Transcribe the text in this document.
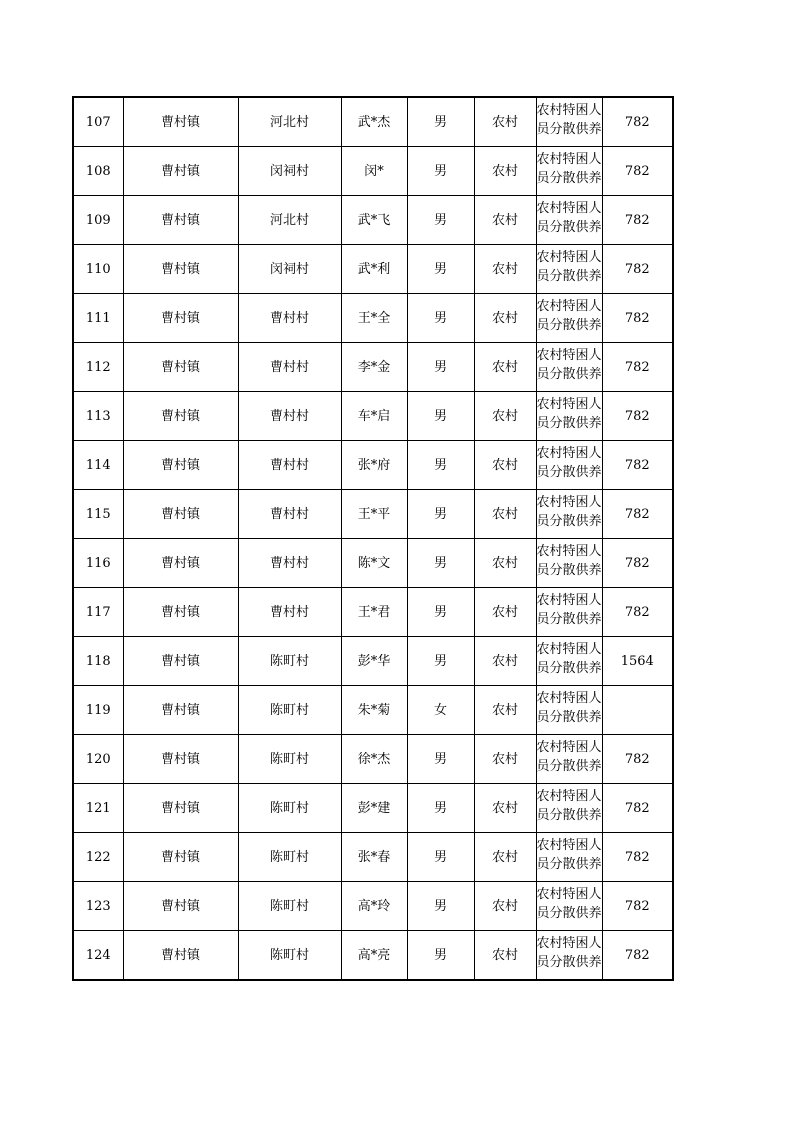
107	曹村镇	河北村	武*杰	男	农村	农村特困人员分散供养	782
108	曹村镇	闵祠村	闵*	男	农村	农村特困人员分散供养	782
109	曹村镇	河北村	武*飞	男	农村	农村特困人员分散供养	782
110	曹村镇	闵祠村	武*利	男	农村	农村特困人员分散供养	782
111	曹村镇	曹村村	王*全	男	农村	农村特困人员分散供养	782
112	曹村镇	曹村村	李*金	男	农村	农村特困人员分散供养	782
113	曹村镇	曹村村	车*启	男	农村	农村特困人员分散供养	782
114	曹村镇	曹村村	张*府	男	农村	农村特困人员分散供养	782
115	曹村镇	曹村村	王*平	男	农村	农村特困人员分散供养	782
116	曹村镇	曹村村	陈*文	男	农村	农村特困人员分散供养	782
117	曹村镇	曹村村	王*君	男	农村	农村特困人员分散供养	782
118	曹村镇	陈町村	彭*华	男	农村	农村特困人员分散供养	1564
119	曹村镇	陈町村	朱*菊	女	农村	农村特困人员分散供养	

120	曹村镇	陈町村	徐*杰	男	农村	农村特困人员分散供养	782
121	曹村镇	陈町村	彭*建	男	农村	农村特困人员分散供养	782
122	曹村镇	陈町村	张*春	男	农村	农村特困人员分散供养	782
123	曹村镇	陈町村	高*玲	男	农村	农村特困人员分散供养	782
124	曹村镇	陈町村	高*亮	男	农村	农村特困人员分散供养	782
